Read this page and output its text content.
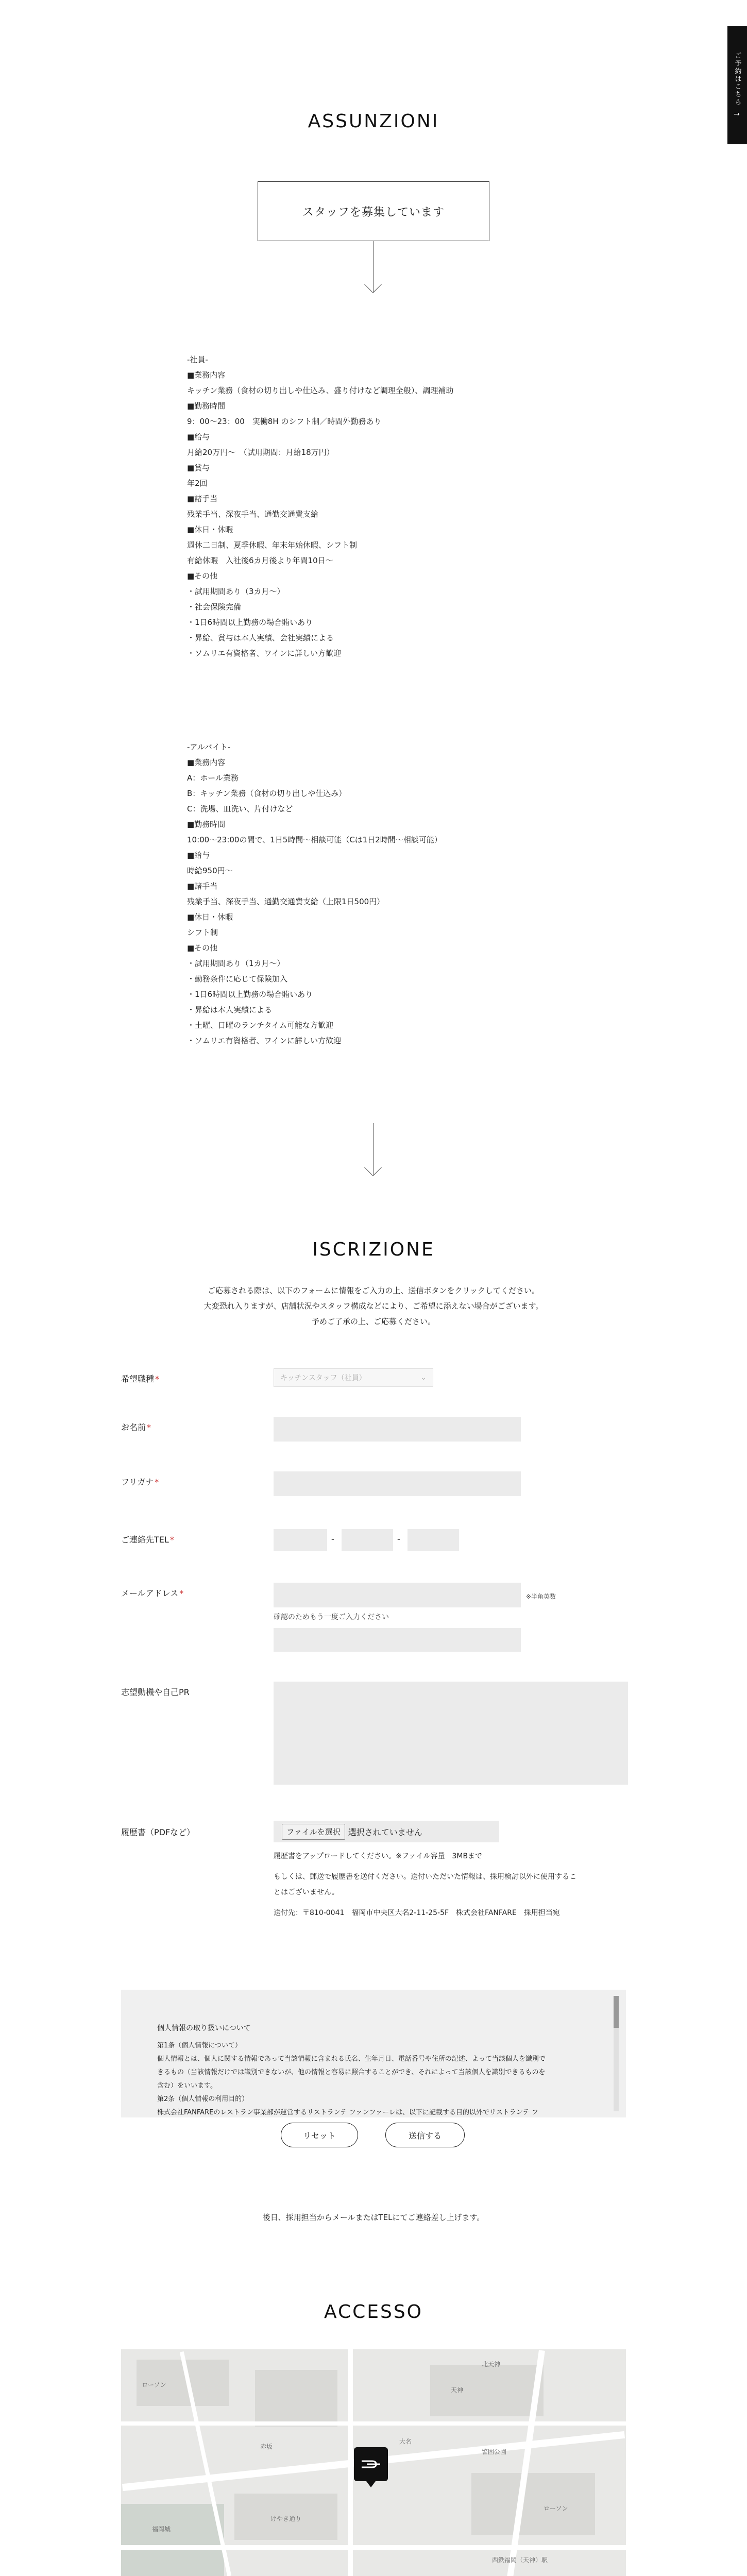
ご予約はこちら
→
ASSUNZIONI
スタッフを募集しています
-社員-
■業務内容
キッチン業務（食材の切り出しや仕込み、盛り付けなど調理全般）、調理補助
■勤務時間
9：00〜23：00　実働8H のシフト制／時間外勤務あり
■給与
月給20万円〜　（試用期間：月給18万円）
■賞与
年2回
■諸手当
残業手当、深夜手当、通勤交通費支給
■休日・休暇
週休二日制、夏季休暇、年末年始休暇、シフト制
有給休暇　入社後6カ月後より年間10日〜
■その他
・試用期間あり（3カ月〜）
・社会保険完備
・1日6時間以上勤務の場合賄いあり
・昇給、賞与は本人実績、会社実績による
・ソムリエ有資格者、ワインに詳しい方歓迎
-アルバイト-
■業務内容
A：ホール業務
B：キッチン業務（食材の切り出しや仕込み）
C：洗場、皿洗い、片付けなど
■勤務時間
10:00〜23:00の間で、1日5時間〜相談可能（Cは1日2時間〜相談可能）
■給与
時給950円〜
■諸手当
残業手当、深夜手当、通勤交通費支給（上限1日500円）
■休日・休暇
シフト制
■その他
・試用期間あり（1カ月〜）
・勤務条件に応じて保険加入
・1日6時間以上勤務の場合賄いあり
・昇給は本人実績による
・土曜、日曜のランチタイム可能な方歓迎
・ソムリエ有資格者、ワインに詳しい方歓迎
ISCRIZIONE
ご応募される際は、以下のフォームに情報をご入力の上、送信ボタンをクリックしてください。
大変恐れ入りますが、店舗状況やスタッフ構成などにより、ご希望に添えない場合がございます。
予めご了承の上、ご応募ください。
希望職種 *	キッチンスタッフ（社員）	⌄
お名前 *
フリガナ *
ご連絡先TEL *	-	-
メールアドレス *	※半角英数
確認のためもう一度ご入力ください
志望動機や自己PR
履歴書（PDFなど）	ファイルを選択 選択されていません
履歴書をアップロードしてください。※ファイル容量　3MBまで
もしくは、郵送で履歴書を送付ください。送付いただいた情報は、採用検討以外に使用するこ
とはございません。
送付先：〒810-0041　福岡市中央区大名2-11-25-5F　株式会社FANFARE　採用担当宛
個人情報の取り扱いについて
第1条（個人情報について）
個人情報とは、個人に関する情報であって当該情報に含まれる氏名、生年月日、電話番号や住所の記述、よって当該個人を識別で
きるもの（当該情報だけでは識別できないが、他の情報と容易に照合することができ、それによって当該個人を識別できるものを
含む）をいいます。
第2条（個人情報の利用目的）
株式会社FANFAREのレストラン事業部が運営するリストランテ ファンファーレは、以下に記載する目的以外でリストランテ フ
リセット	送信する
後日、採用担当からメールまたはTELにてご連絡差し上げます。
ACCESSO
ローソン
福岡城
天神
大名
赤坂
けやき通り
警固公園
ローソン
北天神
西鉄福岡（天神）駅
